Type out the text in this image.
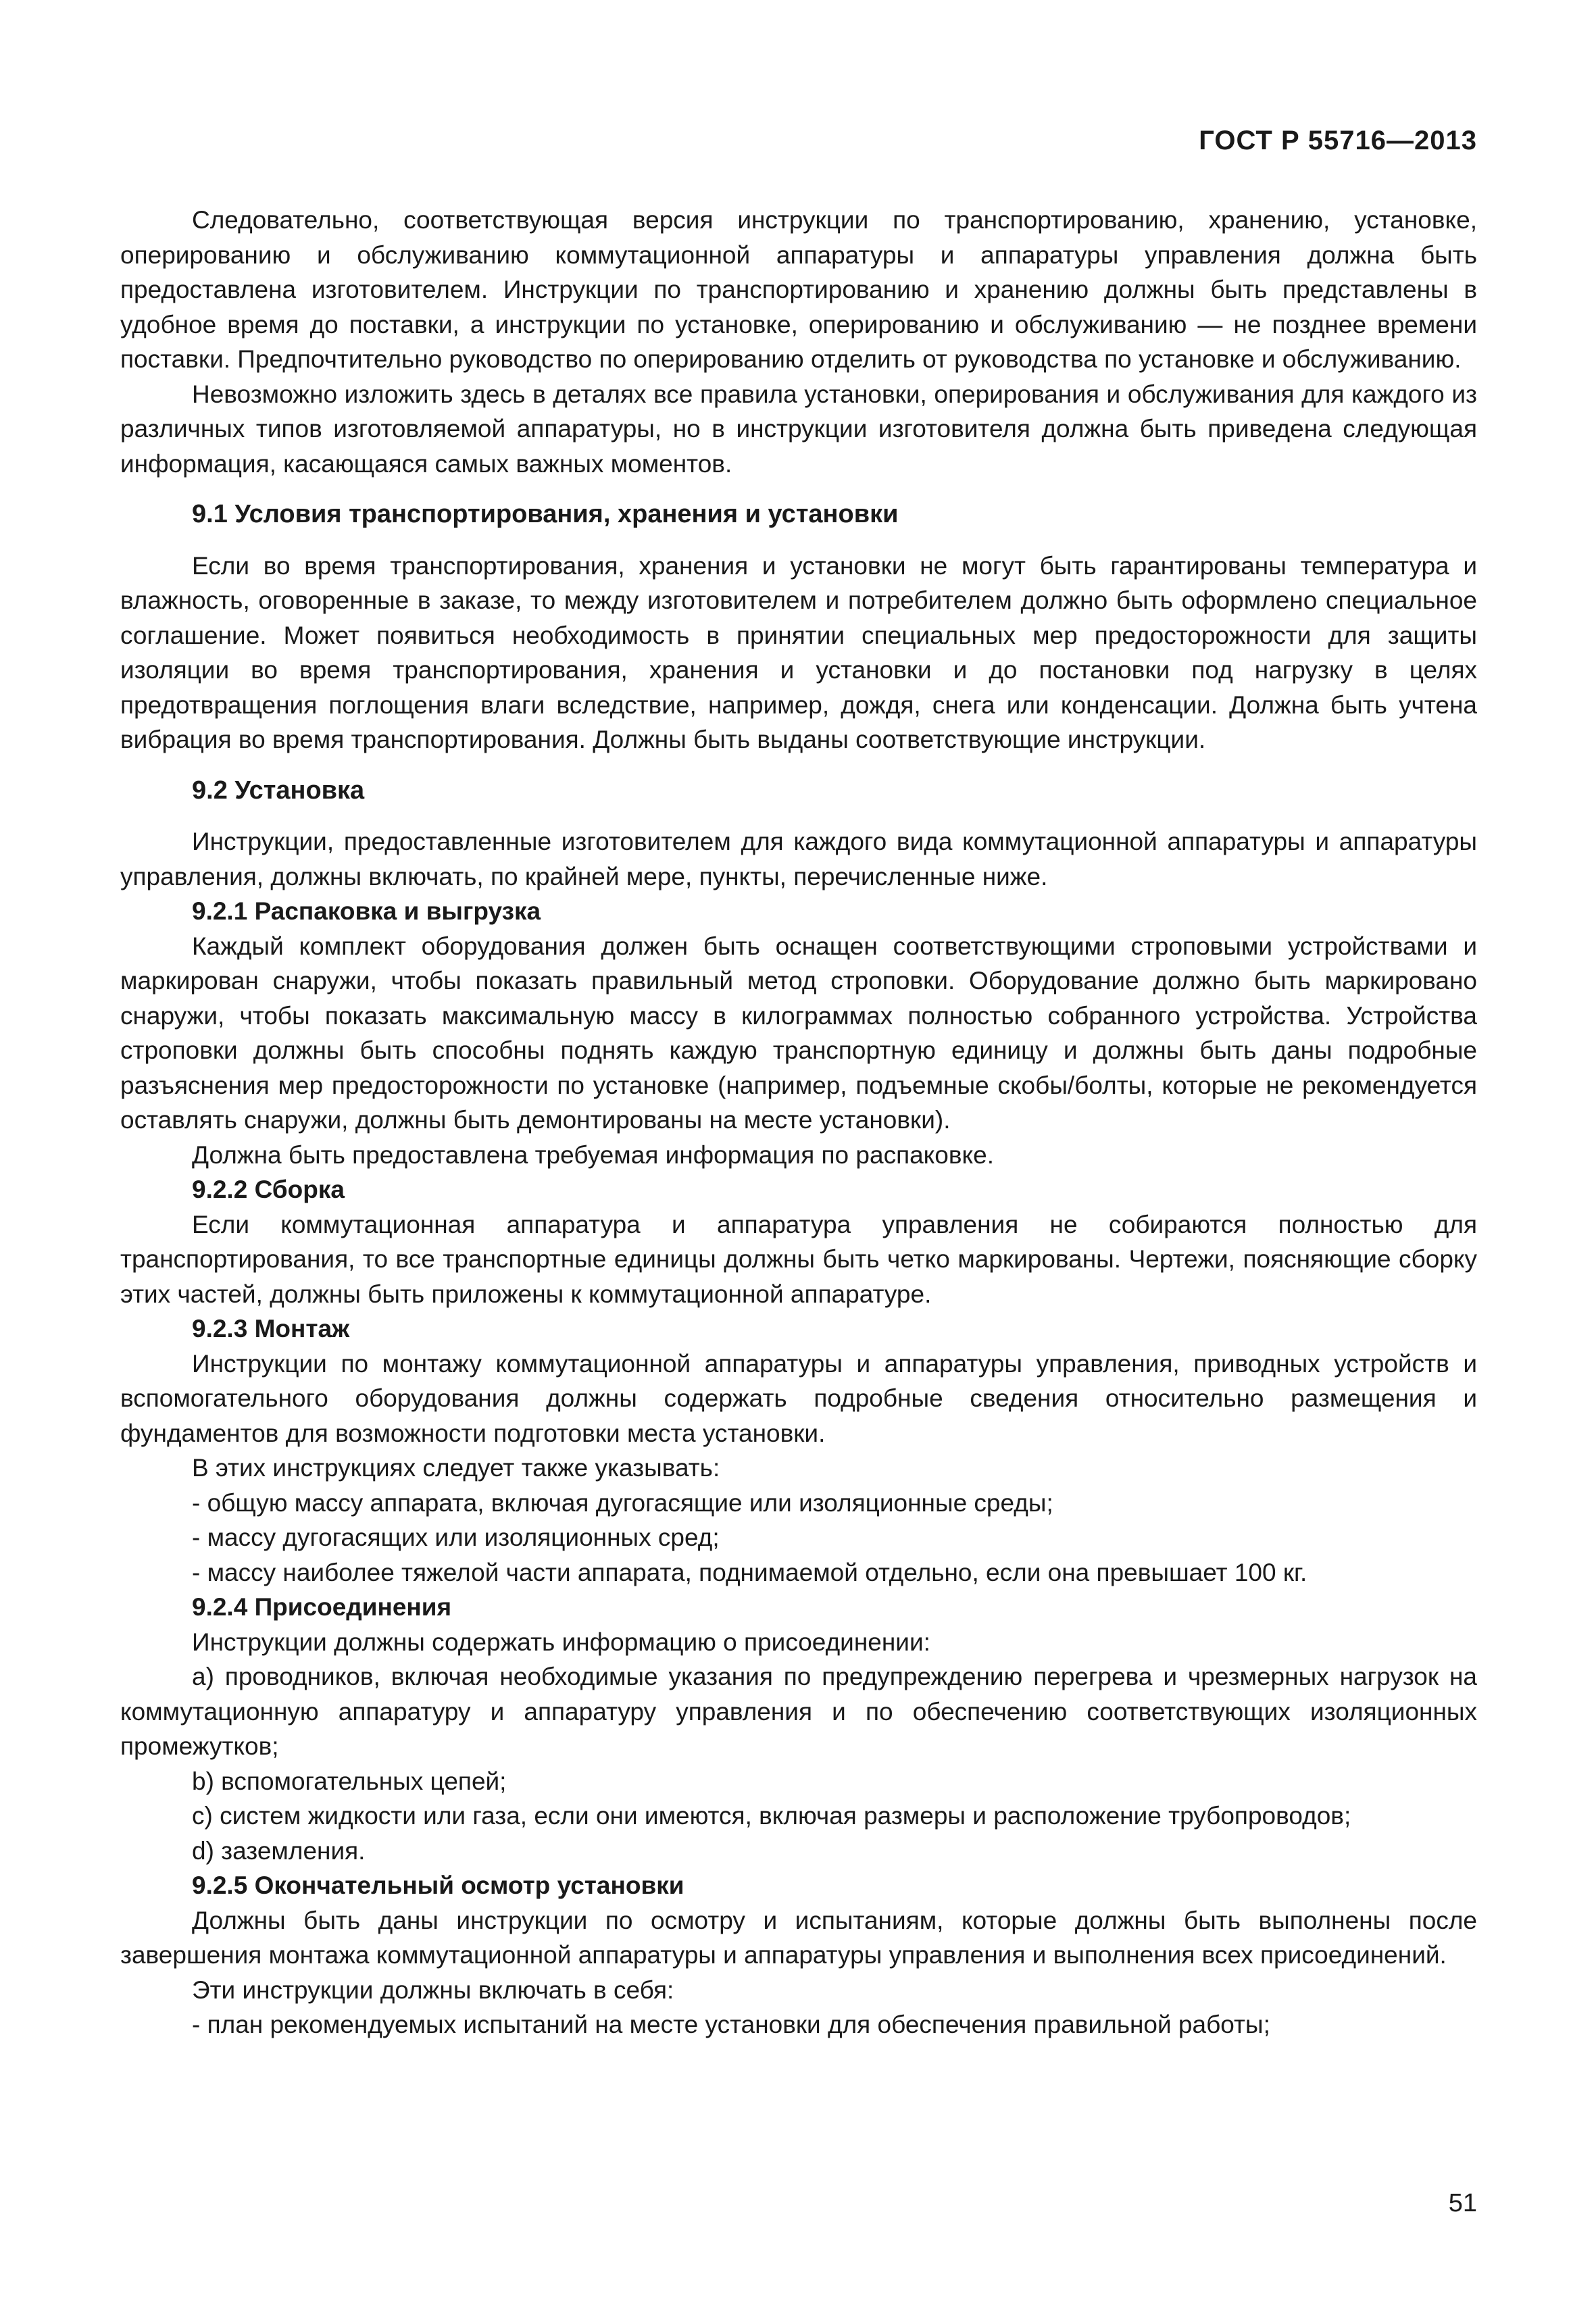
ГОСТ Р 55716—2013

Следовательно, соответствующая версия инструкции по транспортированию, хранению, установке, оперированию и обслуживанию коммутационной аппаратуры и аппаратуры управления должна быть предоставлена изготовителем. Инструкции по транспортированию и хранению должны быть представлены в удобное время до поставки, а инструкции по установке, оперированию и обслуживанию — не позднее времени поставки. Предпочтительно руководство по оперированию отделить от руководства по установке и обслуживанию.

Невозможно изложить здесь в деталях все правила установки, оперирования и обслуживания для каждого из различных типов изготовляемой аппаратуры, но в инструкции изготовителя должна быть приведена следующая информация, касающаяся самых важных моментов.

9.1 Условия транспортирования, хранения и установки

Если во время транспортирования, хранения и установки не могут быть гарантированы температура и влажность, оговоренные в заказе, то между изготовителем и потребителем должно быть оформлено специальное соглашение. Может появиться необходимость в принятии специальных мер предосторожности для защиты изоляции во время транспортирования, хранения и установки и до постановки под нагрузку в целях предотвращения поглощения влаги вследствие, например, дождя, снега или конденсации. Должна быть учтена вибрация во время транспортирования. Должны быть выданы соответствующие инструкции.

9.2 Установка

Инструкции, предоставленные изготовителем для каждого вида коммутационной аппаратуры и аппаратуры управления, должны включать, по крайней мере, пункты, перечисленные ниже.

9.2.1 Распаковка и выгрузка

Каждый комплект оборудования должен быть оснащен соответствующими строповыми устройствами и маркирован снаружи, чтобы показать правильный метод строповки. Оборудование должно быть маркировано снаружи, чтобы показать максимальную массу в килограммах полностью собранного устройства. Устройства строповки должны быть способны поднять каждую транспортную единицу и должны быть даны подробные разъяснения мер предосторожности по установке (например, подъемные скобы/болты, которые не рекомендуется оставлять снаружи, должны быть демонтированы на месте установки).

Должна быть предоставлена требуемая информация по распаковке.

9.2.2 Сборка

Если коммутационная аппаратура и аппаратура управления не собираются полностью для транспортирования, то все транспортные единицы должны быть четко маркированы. Чертежи, поясняющие сборку этих частей, должны быть приложены к коммутационной аппаратуре.

9.2.3 Монтаж

Инструкции по монтажу коммутационной аппаратуры и аппаратуры управления, приводных устройств и вспомогательного оборудования должны содержать подробные сведения относительно размещения и фундаментов для возможности подготовки места установки.

В этих инструкциях следует также указывать:

- общую массу аппарата, включая дугогасящие или изоляционные среды;

- массу дугогасящих или изоляционных сред;

- массу наиболее тяжелой части аппарата, поднимаемой отдельно, если она превышает 100 кг.

9.2.4 Присоединения

Инструкции должны содержать информацию о присоединении:

a) проводников, включая необходимые указания по предупреждению перегрева и чрезмерных нагрузок на коммутационную аппаратуру и аппаратуру управления и по обеспечению соответствующих изоляционных промежутков;

b) вспомогательных цепей;

c) систем жидкости или газа, если они имеются, включая размеры и расположение трубопроводов;

d) заземления.

9.2.5 Окончательный осмотр установки

Должны быть даны инструкции по осмотру и испытаниям, которые должны быть выполнены после завершения монтажа коммутационной аппаратуры и аппаратуры управления и выполнения всех присоединений.

Эти инструкции должны включать в себя:

- план рекомендуемых испытаний на месте установки для обеспечения правильной работы;

51
